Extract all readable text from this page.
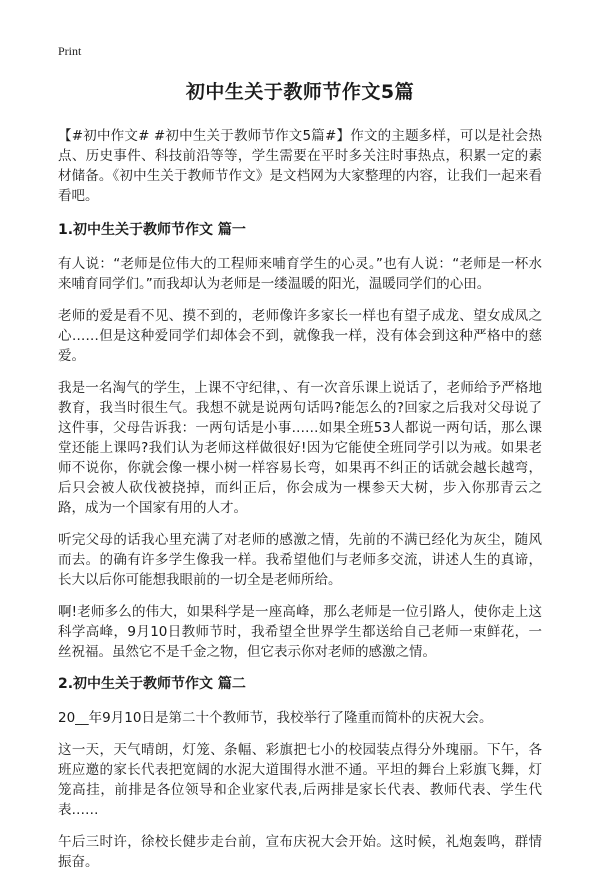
Print
初中生关于教师节作文5篇

【#初中作文# #初中生关于教师节作文5篇#】作文的主题多样，可以是社会热点、历史事件、科技前沿等等，学生需要在平时多关注时事热点，积累一定的素材储备。《初中生关于教师节作文》是文档网为大家整理的内容，让我们一起来看看吧。

1.初中生关于教师节作文 篇一

有人说：“老师是位伟大的工程师来哺育学生的心灵。”也有人说：“老师是一杯水来哺育同学们。”而我却认为老师是一缕温暖的阳光，温暖同学们的心田。

老师的爱是看不见、摸不到的，老师像许多家长一样也有望子成龙、望女成凤之心……但是这种爱同学们却体会不到，就像我一样，没有体会到这种严格中的慈爱。

我是一名淘气的学生，上课不守纪律，、有一次音乐课上说话了，老师给予严格地教育，我当时很生气。我想不就是说两句话吗?能怎么的?回家之后我对父母说了这件事，父母告诉我：一两句话是小事……如果全班53人都说一两句话，那么课堂还能上课吗?我们认为老师这样做很好!因为它能使全班同学引以为戒。如果老师不说你，你就会像一棵小树一样容易长弯，如果再不纠正的话就会越长越弯，后只会被人砍伐被挠掉，而纠正后，你会成为一棵参天大树，步入你那青云之路，成为一个国家有用的人才。

听完父母的话我心里充满了对老师的感激之情，先前的不满已经化为灰尘，随风而去。的确有许多学生像我一样。我希望他们与老师多交流，讲述人生的真谛，长大以后你可能想我眼前的一切全是老师所给。

啊!老师多么的伟大，如果科学是一座高峰，那么老师是一位引路人，使你走上这科学高峰，9月10日教师节时，我希望全世界学生都送给自己老师一束鲜花，一丝祝福。虽然它不是千金之物，但它表示你对老师的感激之情。

2.初中生关于教师节作文 篇二

20__年9月10日是第二十个教师节，我校举行了隆重而简朴的庆祝大会。

这一天，天气晴朗，灯笼、条幅、彩旗把七小的校园装点得分外瑰丽。下午，各班应邀的家长代表把宽阔的水泥大道围得水泄不通。平坦的舞台上彩旗飞舞，灯笼高挂，前排是各位领导和企业家代表,后两排是家长代表、教师代表、学生代表……

午后三时许，徐校长健步走台前，宣布庆祝大会开始。这时候，礼炮轰鸣，群情振奋。
